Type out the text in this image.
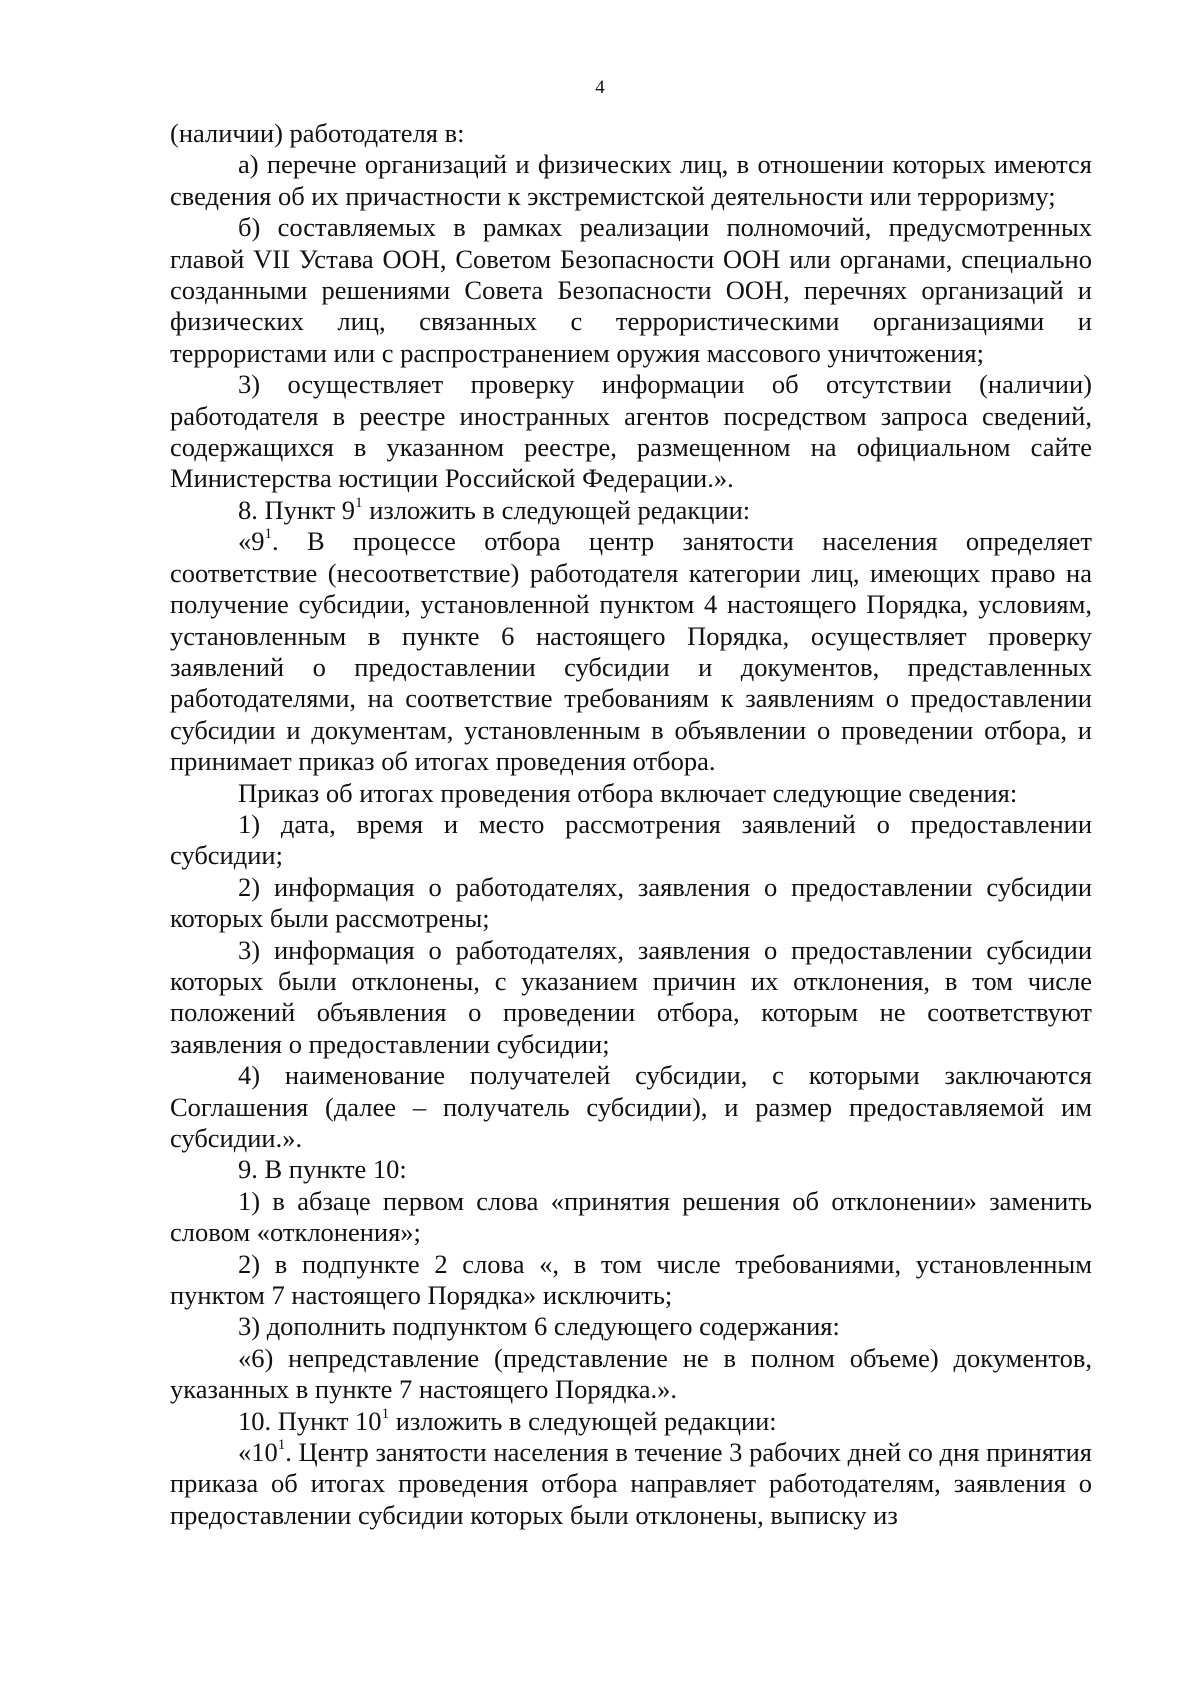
4

(наличии) работодателя в:

а) перечне организаций и физических лиц, в отношении которых имеются сведения об их причастности к экстремистской деятельности или терроризму;

б) составляемых в рамках реализации полномочий, предусмотренных главой VII Устава ООН, Советом Безопасности ООН или органами, специально созданными решениями Совета Безопасности ООН, перечнях организаций и физических лиц, связанных с террористическими организациями и террористами или с распространением оружия массового уничтожения;

3) осуществляет проверку информации об отсутствии (наличии) работодателя в реестре иностранных агентов посредством запроса сведений, содержащихся в указанном реестре, размещенном на официальном сайте Министерства юстиции Российской Федерации.».

8. Пункт $9^1$ изложить в следующей редакции:

«$9^1$. В процессе отбора центр занятости населения определяет соответствие (несоответствие) работодателя категории лиц, имеющих право на получение субсидии, установленной пунктом 4 настоящего Порядка, условиям, установленным в пункте 6 настоящего Порядка, осуществляет проверку заявлений о предоставлении субсидии и документов, представленных работодателями, на соответствие требованиям к заявлениям о предоставлении субсидии и документам, установленным в объявлении о проведении отбора, и принимает приказ об итогах проведения отбора.

Приказ об итогах проведения отбора включает следующие сведения:

1) дата, время и место рассмотрения заявлений о предоставлении субсидии;

2) информация о работодателях, заявления о предоставлении субсидии которых были рассмотрены;

3) информация о работодателях, заявления о предоставлении субсидии которых были отклонены, с указанием причин их отклонения, в том числе положений объявления о проведении отбора, которым не соответствуют заявления о предоставлении субсидии;

4) наименование получателей субсидии, с которыми заключаются Соглашения (далее – получатель субсидии), и размер предоставляемой им субсидии.».

9. В пункте 10:

1) в абзаце первом слова «принятия решения об отклонении» заменить словом «отклонения»;

2) в подпункте 2 слова «, в том числе требованиями, установленным пунктом 7 настоящего Порядка» исключить;

3) дополнить подпунктом 6 следующего содержания:

«6) непредставление (представление не в полном объеме) документов, указанных в пункте 7 настоящего Порядка.».

10. Пункт $10^1$ изложить в следующей редакции:

«$10^1$. Центр занятости населения в течение 3 рабочих дней со дня принятия приказа об итогах проведения отбора направляет работодателям, заявления о предоставлении субсидии которых были отклонены, выписку из
